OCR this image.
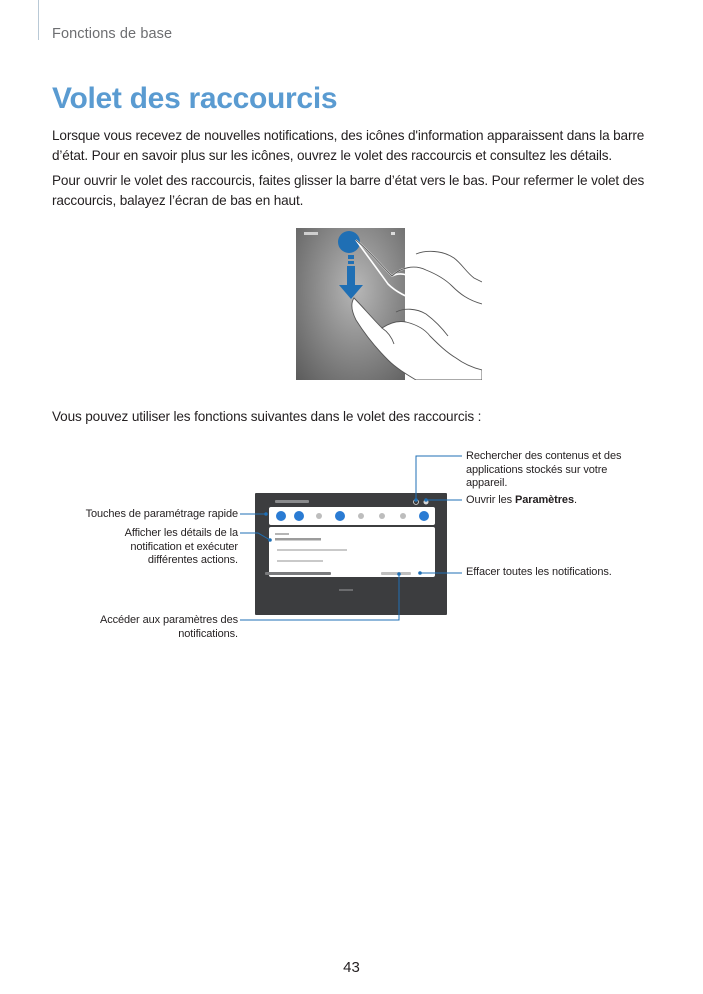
Fonctions de base
Volet des raccourcis

Lorsque vous recevez de nouvelles notifications, des icônes d'information apparaissent dans la barre d’état. Pour en savoir plus sur les icônes, ouvrez le volet des raccourcis et consultez les détails.

Pour ouvrir le volet des raccourcis, faites glisser la barre d’état vers le bas. Pour refermer le volet des raccourcis, balayez l’écran de bas en haut.

Vous pouvez utiliser les fonctions suivantes dans le volet des raccourcis :

Rechercher des contenus et des applications stockés sur votre appareil.
Ouvrir les Paramètres.
Touches de paramétrage rapide
Afficher les détails de la notification et exécuter différentes actions.
Effacer toutes les notifications.
Accéder aux paramètres des notifications.
43
